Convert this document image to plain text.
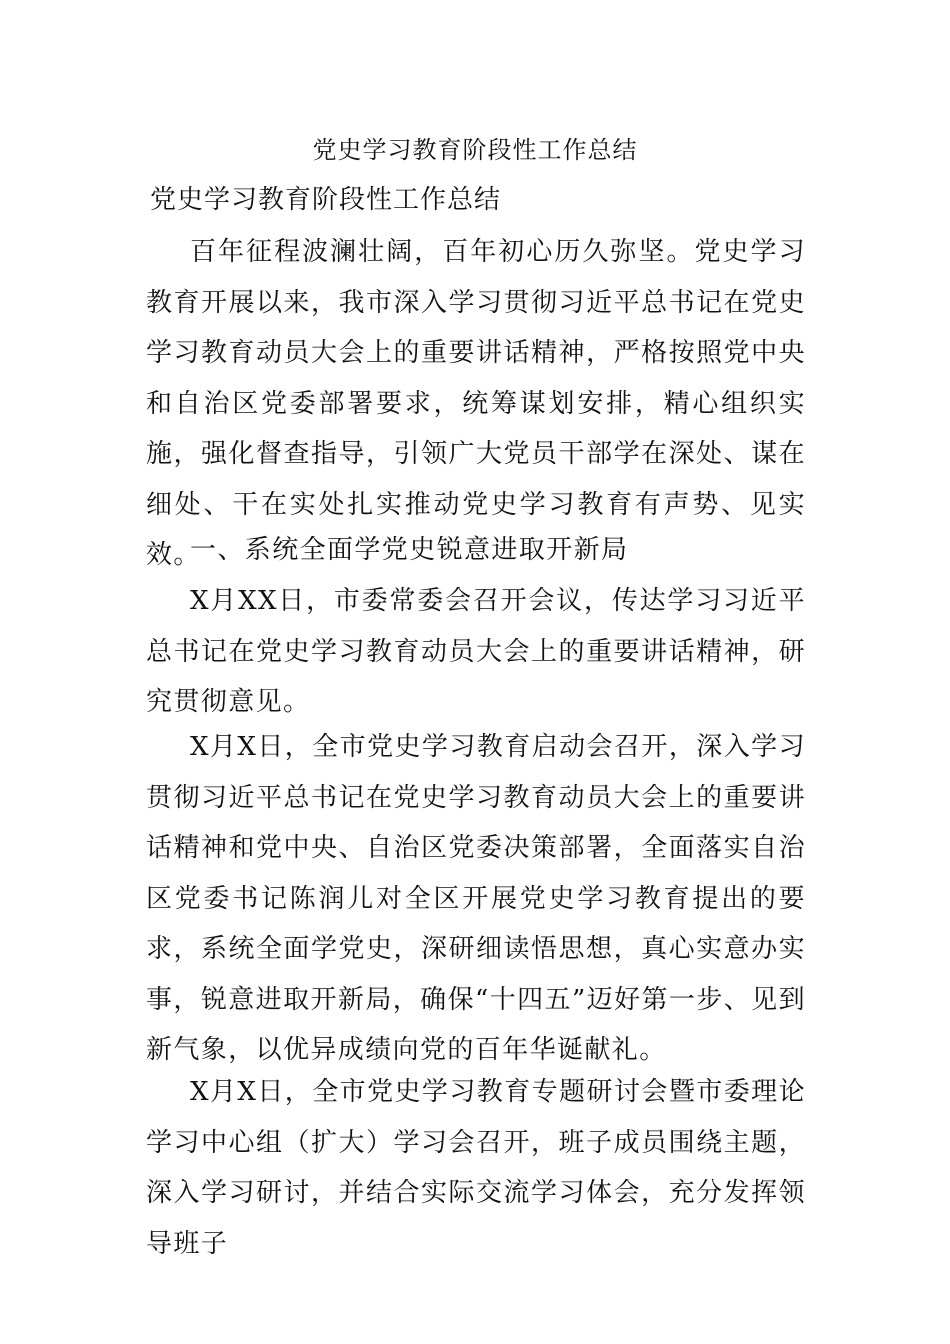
党史学习教育阶段性工作总结
党史学习教育阶段性工作总结

百年征程波澜壮阔，百年初心历久弥坚。党史学习教育开展以来，我市深入学习贯彻习近平总书记在党史学习教育动员大会上的重要讲话精神，严格按照党中央和自治区党委部署要求，统筹谋划安排，精心组织实施，强化督查指导，引领广大党员干部学在深处、谋在细处、干在实处扎实推动党史学习教育有声势、见实效。

一、系统全面学党史锐意进取开新局

X月XX日，市委常委会召开会议，传达学习习近平总书记在党史学习教育动员大会上的重要讲话精神，研究贯彻意见。

X月X日，全市党史学习教育启动会召开，深入学习贯彻习近平总书记在党史学习教育动员大会上的重要讲话精神和党中央、自治区党委决策部署，全面落实自治区党委书记陈润儿对全区开展党史学习教育提出的要求，系统全面学党史，深研细读悟思想，真心实意办实事，锐意进取开新局，确保“十四五”迈好第一步、见到新气象，以优异成绩向党的百年华诞献礼。

X月X日，全市党史学习教育专题研讨会暨市委理论学习中心组（扩大）学习会召开，班子成员围绕主题，深入学习研讨，并结合实际交流学习体会，充分发挥领导班子
